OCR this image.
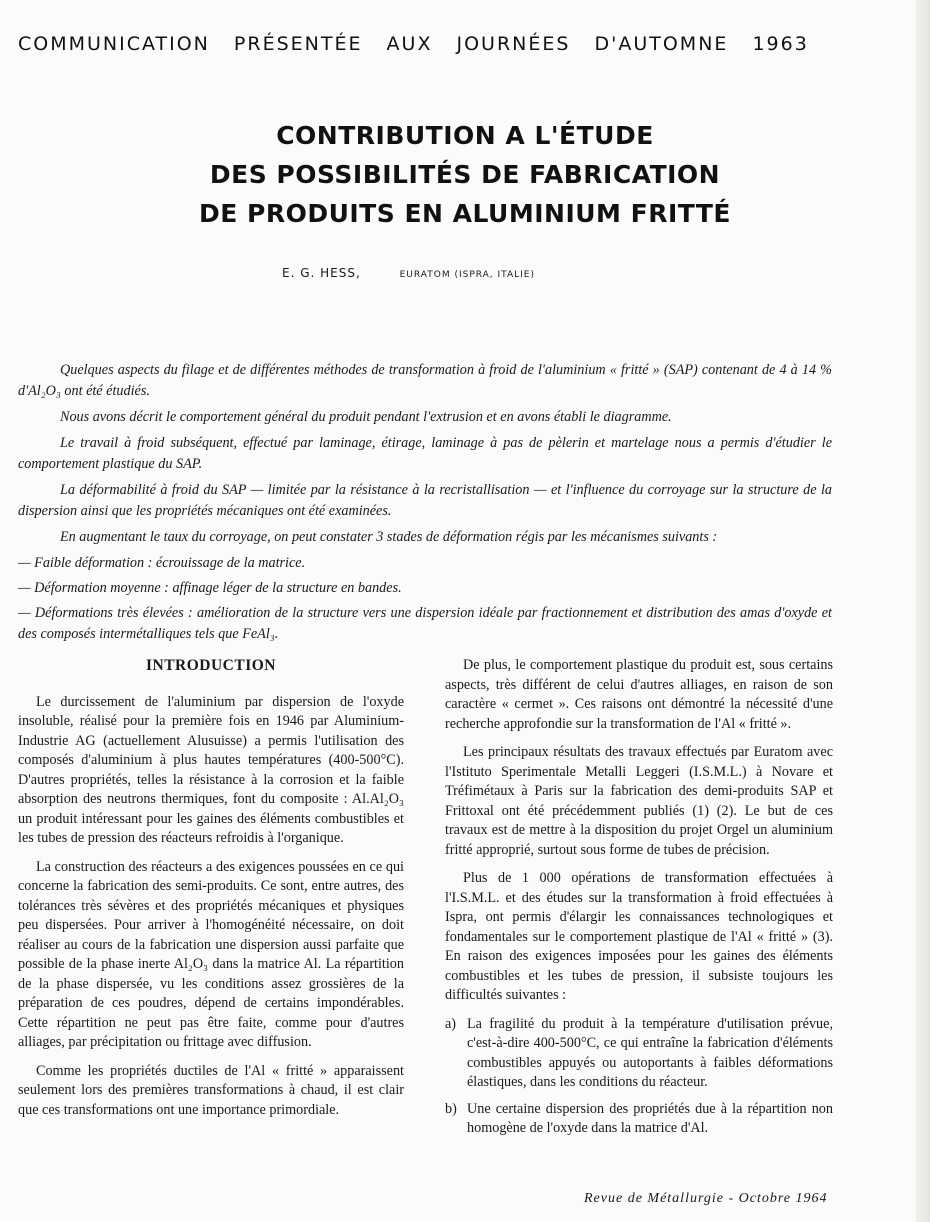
COMMUNICATION PRÉSENTÉE AUX JOURNÉES D'AUTOMNE 1963
CONTRIBUTION A L'ÉTUDE
DES POSSIBILITÉS DE FABRICATION
DE PRODUITS EN ALUMINIUM FRITTÉ
E. G. HESS,	EURATOM (ISPRA, ITALIE)

Quelques aspects du filage et de différentes méthodes de transformation à froid de l'aluminium « fritté » (SAP) contenant de 4 à 14 % d'Al₂O₃ ont été étudiés.

Nous avons décrit le comportement général du produit pendant l'extrusion et en avons établi le diagramme.

Le travail à froid subséquent, effectué par laminage, étirage, laminage à pas de pèlerin et martelage nous a permis d'étudier le comportement plastique du SAP.

La déformabilité à froid du SAP — limitée par la résistance à la recristallisation — et l'influence du corroyage sur la structure de la dispersion ainsi que les propriétés mécaniques ont été examinées.

En augmentant le taux du corroyage, on peut constater 3 stades de déformation régis par les mécanismes suivants :

— Faible déformation : écrouissage de la matrice.

— Déformation moyenne : affinage léger de la structure en bandes.

— Déformations très élevées : amélioration de la structure vers une dispersion idéale par fractionnement et distribution des amas d'oxyde et des composés intermétalliques tels que FeAl₃.

INTRODUCTION

Le durcissement de l'aluminium par dispersion de l'oxyde insoluble, réalisé pour la première fois en 1946 par Aluminium-Industrie AG (actuellement Alusuisse) a permis l'utilisation des composés d'aluminium à plus hautes températures (400-500°C). D'autres propriétés, telles la résistance à la corrosion et la faible absorption des neutrons thermiques, font du composite : Al.Al₂O₃ un produit intéressant pour les gaines des éléments combustibles et les tubes de pression des réacteurs refroidis à l'organique.

La construction des réacteurs a des exigences poussées en ce qui concerne la fabrication des semi-produits. Ce sont, entre autres, des tolérances très sévères et des propriétés mécaniques et physiques peu dispersées. Pour arriver à l'homogénéité nécessaire, on doit réaliser au cours de la fabrication une dispersion aussi parfaite que possible de la phase inerte Al₂O₃ dans la matrice Al. La répartition de la phase dispersée, vu les conditions assez grossières de la préparation de ces poudres, dépend de certains impondérables. Cette répartition ne peut pas être faite, comme pour d'autres alliages, par précipitation ou frittage avec diffusion.

Comme les propriétés ductiles de l'Al « fritté » apparaissent seulement lors des premières transformations à chaud, il est clair que ces transformations ont une importance primordiale.

De plus, le comportement plastique du produit est, sous certains aspects, très différent de celui d'autres alliages, en raison de son caractère « cermet ». Ces raisons ont démontré la nécessité d'une recherche approfondie sur la transformation de l'Al « fritté ».

Les principaux résultats des travaux effectués par Euratom avec l'Istituto Sperimentale Metalli Leggeri (I.S.M.L.) à Novare et Tréfimétaux à Paris sur la fabrication des demi-produits SAP et Frittoxal ont été précédemment publiés (1) (2). Le but de ces travaux est de mettre à la disposition du projet Orgel un aluminium fritté approprié, surtout sous forme de tubes de précision.

Plus de 1 000 opérations de transformation effectuées à l'I.S.M.L. et des études sur la transformation à froid effectuées à Ispra, ont permis d'élargir les connaissances technologiques et fondamentales sur le comportement plastique de l'Al « fritté » (3). En raison des exigences imposées pour les gaines des éléments combustibles et les tubes de pression, il subsiste toujours les difficultés suivantes :

a) La fragilité du produit à la température d'utilisation prévue, c'est-à-dire 400-500°C, ce qui entraîne la fabrication d'éléments combustibles appuyés ou autoportants à faibles déformations élastiques, dans les conditions du réacteur.
b) Une certaine dispersion des propriétés due à la répartition non homogène de l'oxyde dans la matrice d'Al.
Revue de Métallurgie - Octobre 1964
